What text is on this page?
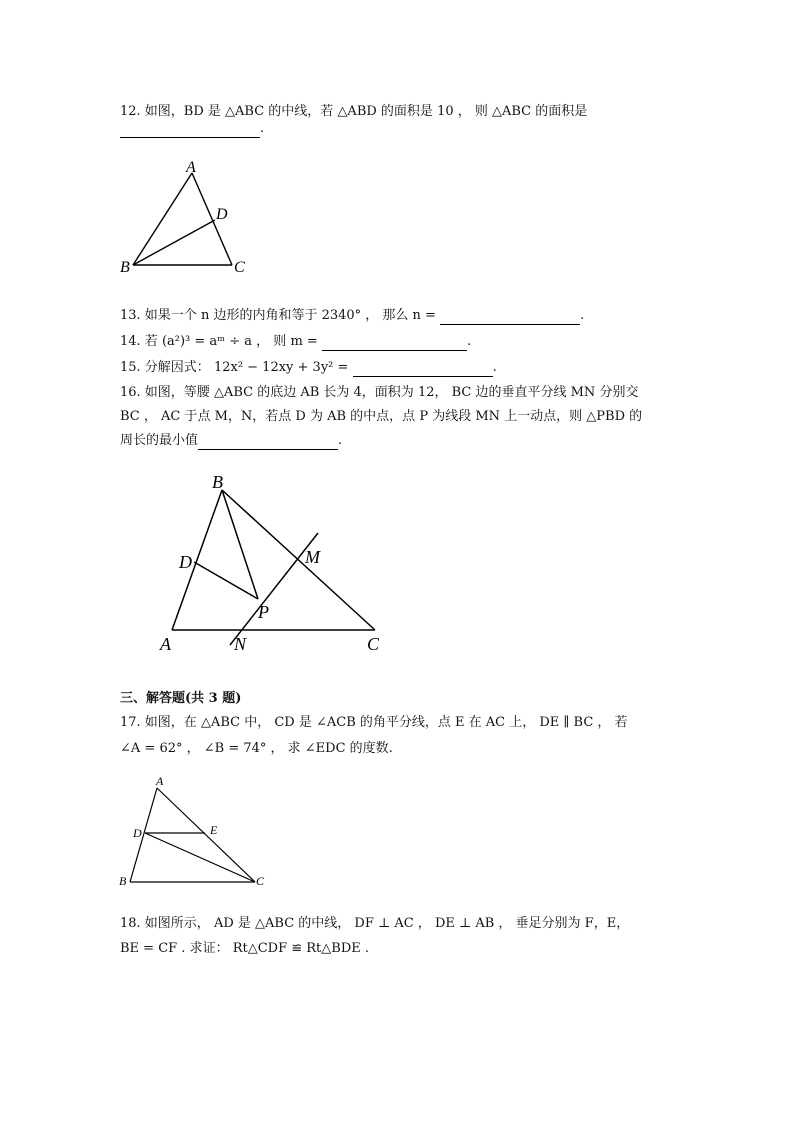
12. 如图，BD 是 △ABC 的中线，若 △ABD 的面积是 10 ， 则 △ABC 的面积是
.
A
B	C
D
13. 如果一个 n 边形的内角和等于 2340° ， 那么 n =	.
14. 若 (a²)³ = aᵐ ÷ a ， 则 m =	.
15. 分解因式： 12x² − 12xy + 3y² =	.
16. 如图，等腰 △ABC 的底边 AB 长为 4，面积为 12， BC 边的垂直平分线 MN 分别交
BC ， AC 于点 M，N，若点 D 为 AB 的中点，点 P 为线段 MN 上一动点，则 △PBD 的
周长的最小值	.
B
D	M
P
A	N	C
三、解答题(共 3 题)
17. 如图，在 △ABC 中， CD 是 ∠ACB 的角平分线，点 E 在 AC 上， DE ∥ BC ， 若
∠A = 62° ， ∠B = 74° ， 求 ∠EDC 的度数.
A
D	E
B	C
18. 如图所示， AD 是 △ABC 的中线， DF ⊥ AC ， DE ⊥ AB ， 垂足分别为 F，E，
BE = CF . 求证： Rt△CDF ≌ Rt△BDE .
